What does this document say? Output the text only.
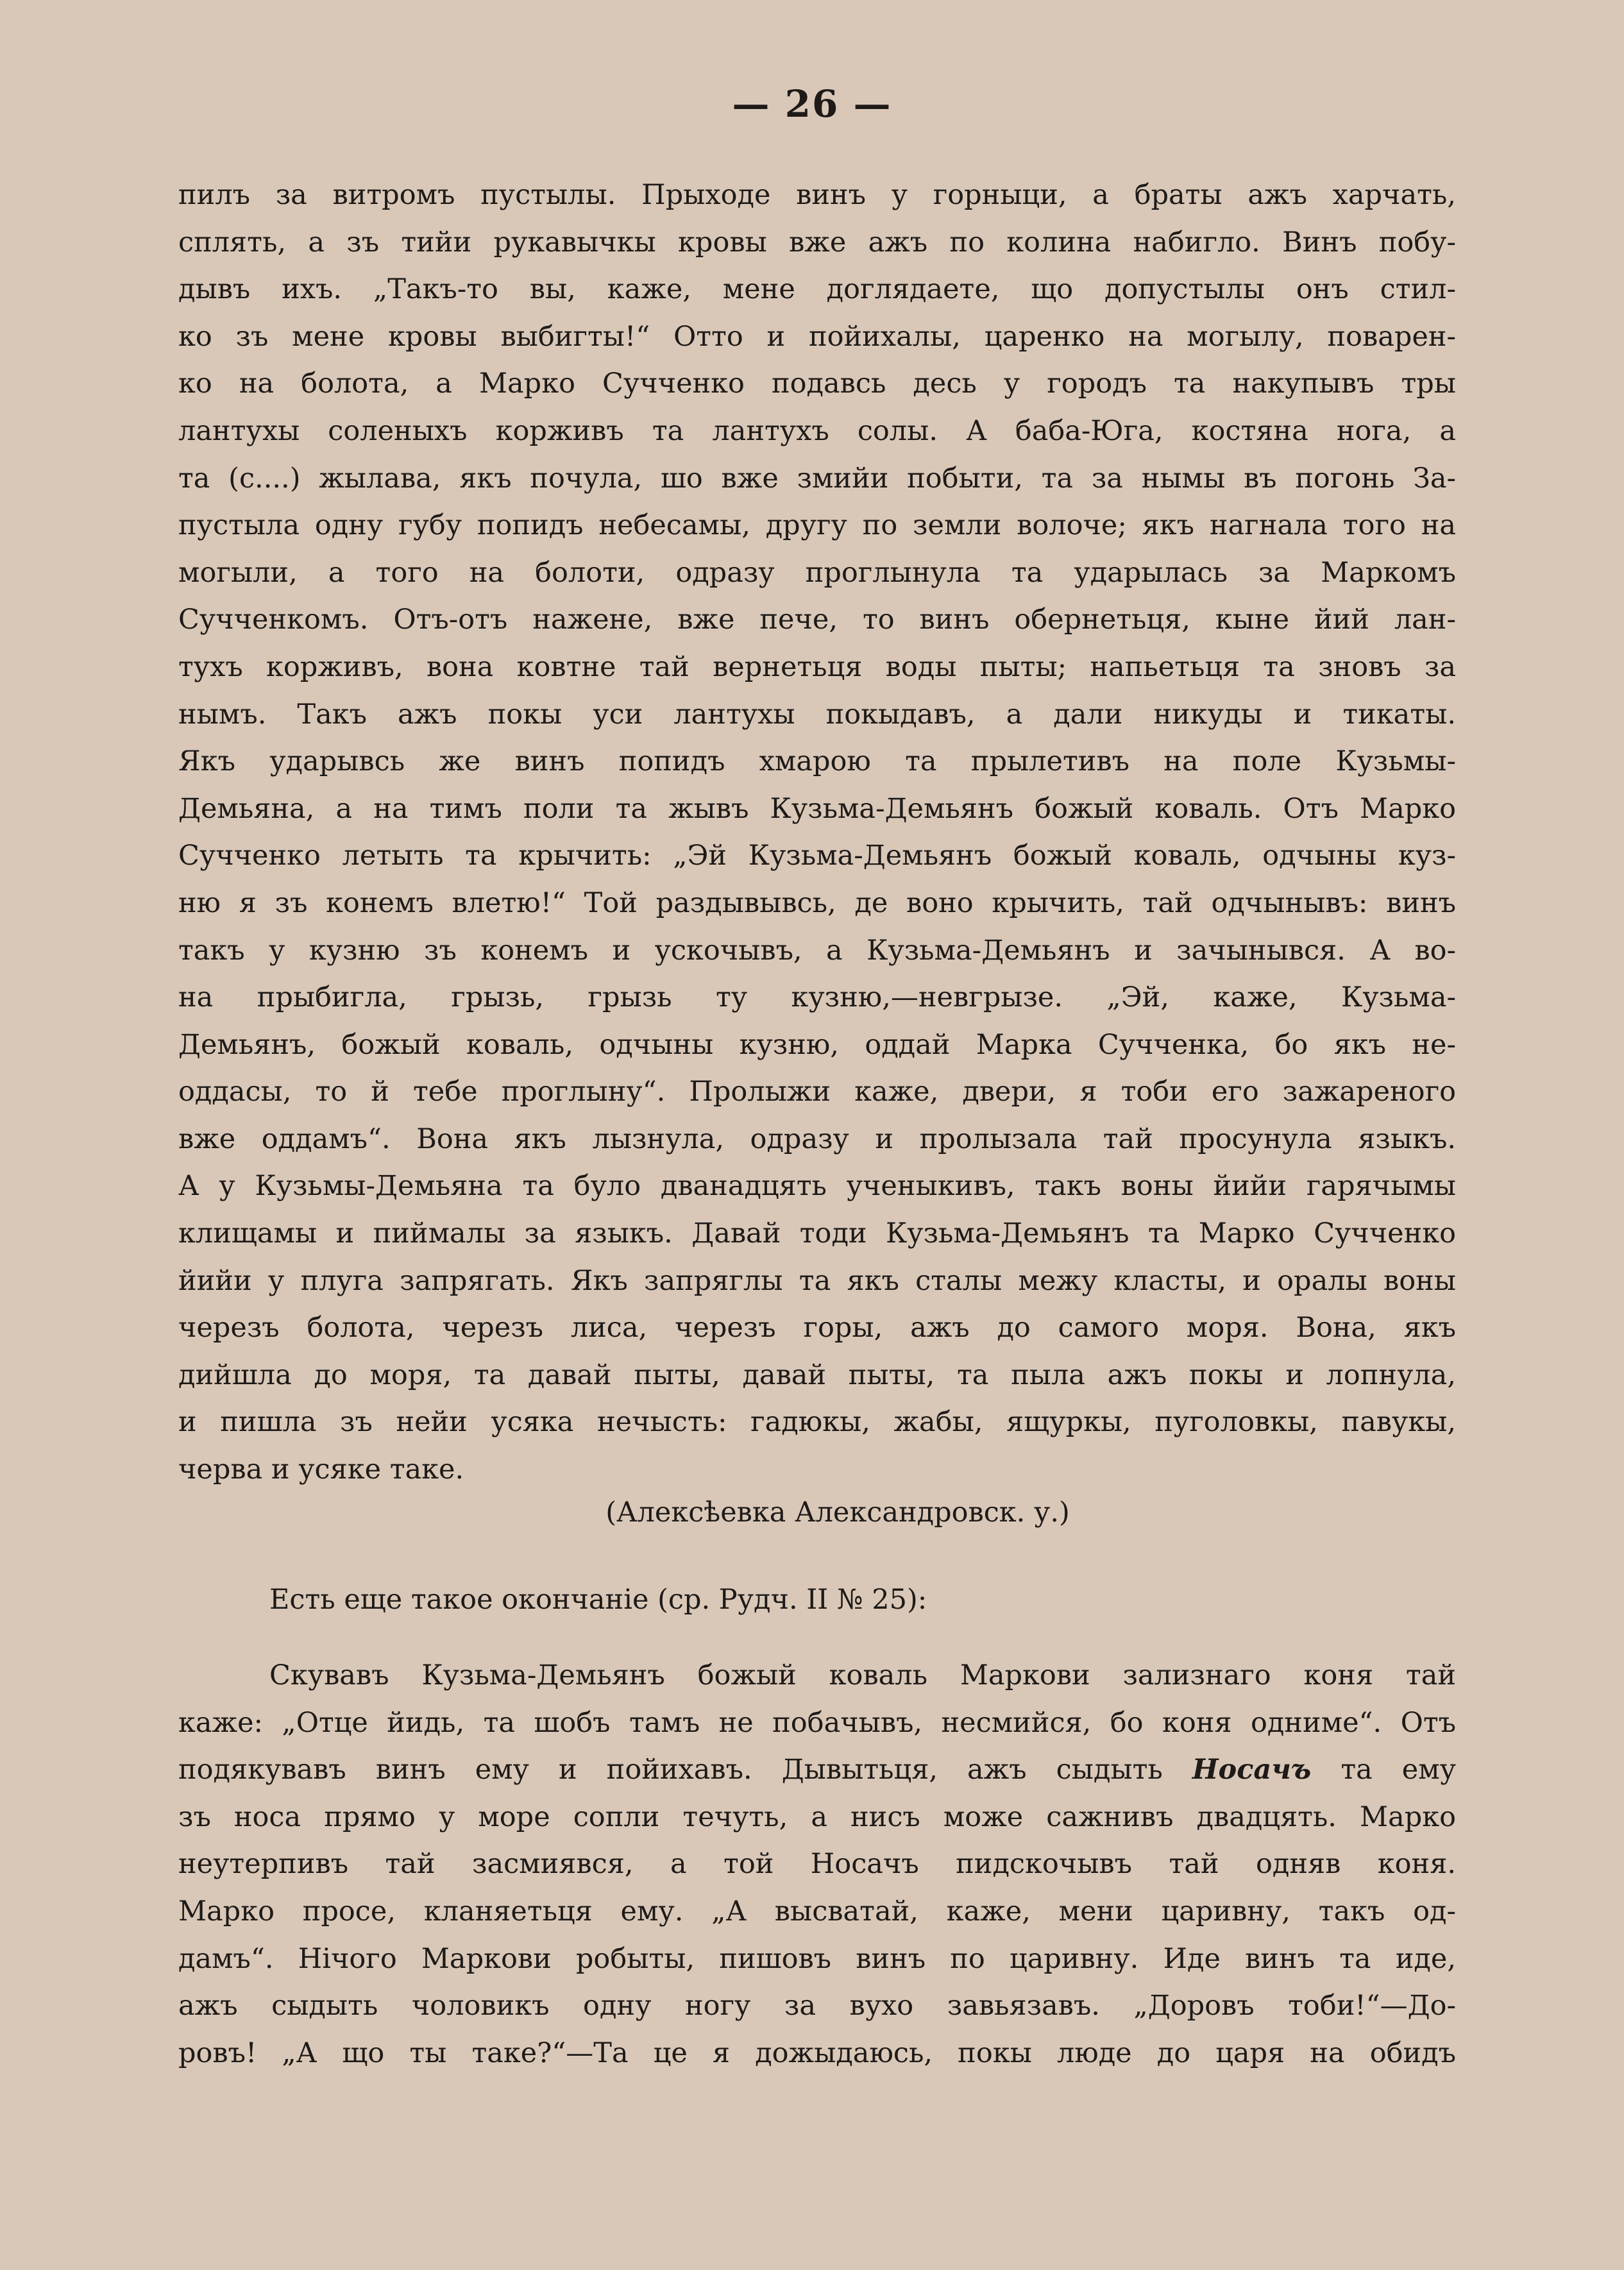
— 26 —
пилъ за витромъ пустылы. Прыходе винъ у горныци, а браты ажъ харчать,
сплять, а зъ тийи рукавычкы кровы вже ажъ по колина набигло. Винъ побу-
дывъ ихъ. „Такъ-то вы, каже, мене доглядаете, що допустылы онъ стил-
ко зъ мене кровы выбигты!“ Отто и пойихалы, царенко на могылу, поварен-
ко на болота, а Марко Сучченко подавсь десь у городъ та накупывъ тры
лантухы соленыхъ корживъ та лантухъ солы. А баба-Юга, костяна нога, а
та (с....) жылава, якъ почула, шо вже змийи побыти, та за нымы въ погонь За-
пустыла одну губу попидъ небесамы, другу по земли волоче; якъ нагнала того на
могыли, а того на болоти, одразу проглынула та ударылась за Маркомъ
Сучченкомъ. Отъ-отъ нажене, вже пече, то винъ обернетьця, кыне йий лан-
тухъ корживъ, вона ковтне тай вернетьця воды пыты; напьетьця та зновъ за
нымъ. Такъ ажъ покы уси лантухы покыдавъ, а дали никуды и тикаты.
Якъ ударывсь же винъ попидъ хмарою та прылетивъ на поле Кузьмы-
Демьяна, а на тимъ поли та жывъ Кузьма-Демьянъ божый коваль. Отъ Марко
Сучченко летыть та крычить: „Эй Кузьма-Демьянъ божый коваль, одчыны куз-
ню я зъ конемъ влетю!“ Той раздывывсь, де воно крычить, тай одчынывъ: винъ
такъ у кузню зъ конемъ и ускочывъ, а Кузьма-Демьянъ и зачынывся. А во-
на прыбигла, грызь, грызь ту кузню,—невгрызе. „Эй, каже, Кузьма-
Демьянъ, божый коваль, одчыны кузню, оддай Марка Сучченка, бо якъ не-
оддасы, то й тебе проглыну“. Пролыжи каже, двери, я тоби его зажареного
вже оддамъ“. Вона якъ лызнула, одразу и пролызала тай просунула языкъ.
А у Кузьмы-Демьяна та було дванадцять ученыкивъ, такъ воны йийи гарячымы
клищамы и пиймалы за языкъ. Давай тоди Кузьма-Демьянъ та Марко Сучченко
йийи у плуга запрягать. Якъ запряглы та якъ сталы межу класты, и оралы воны
черезъ болота, черезъ лиса, черезъ горы, ажъ до самого моря. Вона, якъ
дийшла до моря, та давай пыты, давай пыты, та пыла ажъ покы и лопнула,
и пишла зъ нейи усяка нечысть: гадюкы, жабы, ящуркы, пуголовкы, павукы,
черва и усяке таке.
(Алексѣевка Александровск. у.)
Есть еще такое окончаніе (ср. Рудч. II № 25):
Скувавъ Кузьма-Демьянъ божый коваль Маркови зализнаго коня тай
каже: „Отце йидь, та шобъ тамъ не побачывъ, несмийся, бо коня одниме“. Отъ
подякувавъ винъ ему и пойихавъ. Дывытьця, ажъ сыдыть Носачъ та ему
зъ носа прямо у море сопли течуть, а нисъ може сажнивъ двадцять. Марко
неутерпивъ тай засмиявся, а той Носачъ пидскочывъ тай одняв коня.
Марко просе, кланяетьця ему. „А высватай, каже, мени царивну, такъ од-
дамъ“. Нічого Маркови робыты, пишовъ винъ по царивну. Иде винъ та иде,
ажъ сыдыть чоловикъ одну ногу за вухо завьязавъ. „Доровъ тоби!“—До-
ровъ! „А що ты таке?“—Та це я дожыдаюсь, покы люде до царя на обидъ
